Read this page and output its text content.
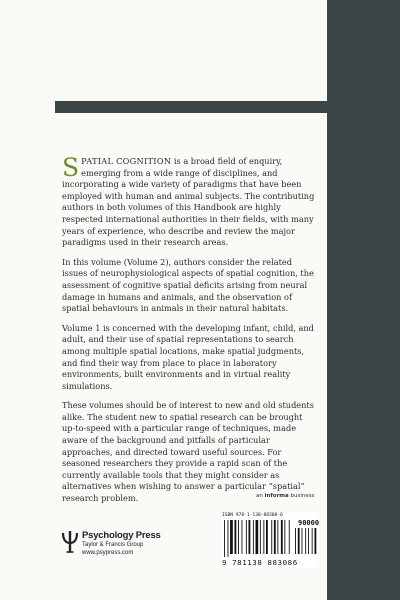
SPATIAL COGNITION is a broad field of enquiry, emerging from a wide range of disciplines, and incorporating a wide variety of paradigms that have been employed with human and animal subjects. The contributing authors in both volumes of this Handbook are highly respected international authorities in their fields, with many years of experience, who describe and review the major paradigms used in their research areas.

In this volume (Volume 2), authors consider the related issues of neurophysiological aspects of spatial cognition, the assessment of cognitive spatial deficits arising from neural damage in humans and animals, and the observation of spatial behaviours in animals in their natural habitats.

Volume 1 is concerned with the developing infant, child, and adult, and their use of spatial representations to search among multiple spatial locations, make spatial judgments, and find their way from place to place in laboratory environments, built environments and in virtual reality simulations.

These volumes should be of interest to new and old students alike. The student new to spatial research can be brought up-to-speed with a particular range of techniques, made aware of the background and pitfalls of particular approaches, and directed toward useful sources. For seasoned researchers they provide a rapid scan of the currently available tools that they might consider as alternatives when wishing to answer a particular “spatial” research problem.	an informa business
Psychology Press
Taylor & Francis Group
www.psypress.com
ISBN 978-1-138-88308-6
90000
9 781138 883086
